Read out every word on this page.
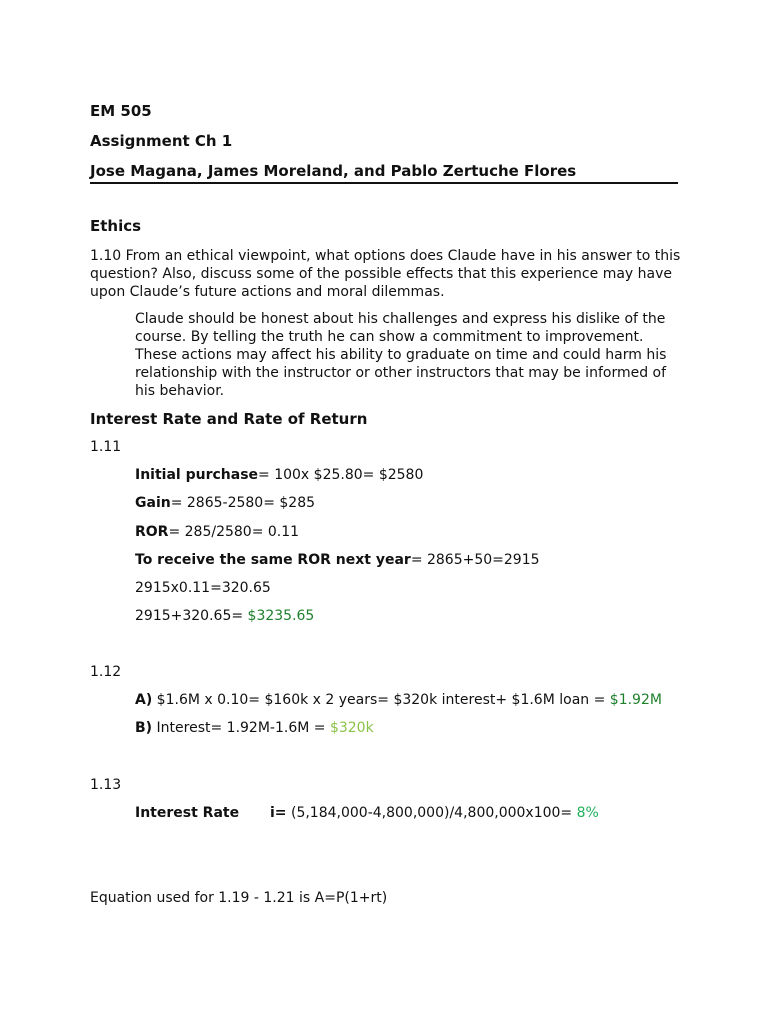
EM 505
Assignment Ch 1
Jose Magana, James Moreland, and Pablo Zertuche Flores
Ethics
1.10 From an ethical viewpoint, what options does Claude have in his answer to this
question? Also, discuss some of the possible effects that this experience may have
upon Claude’s future actions and moral dilemmas.
Claude should be honest about his challenges and express his dislike of the
course. By telling the truth he can show a commitment to improvement.
These actions may affect his ability to graduate on time and could harm his
relationship with the instructor or other instructors that may be informed of
his behavior.
Interest Rate and Rate of Return
1.11
Initial purchase= 100x $25.80= $2580
Gain= 2865-2580= $285
ROR= 285/2580= 0.11
To receive the same ROR next year= 2865+50=2915
2915x0.11=320.65
2915+320.65= $3235.65
1.12
A) $1.6M x 0.10= $160k x 2 years= $320k interest+ $1.6M loan = $1.92M
B) Interest= 1.92M-1.6M = $320k
1.13
Interest Rate i= (5,184,000-4,800,000)/4,800,000x100= 8%
Equation used for 1.19 - 1.21 is A=P(1+rt)
